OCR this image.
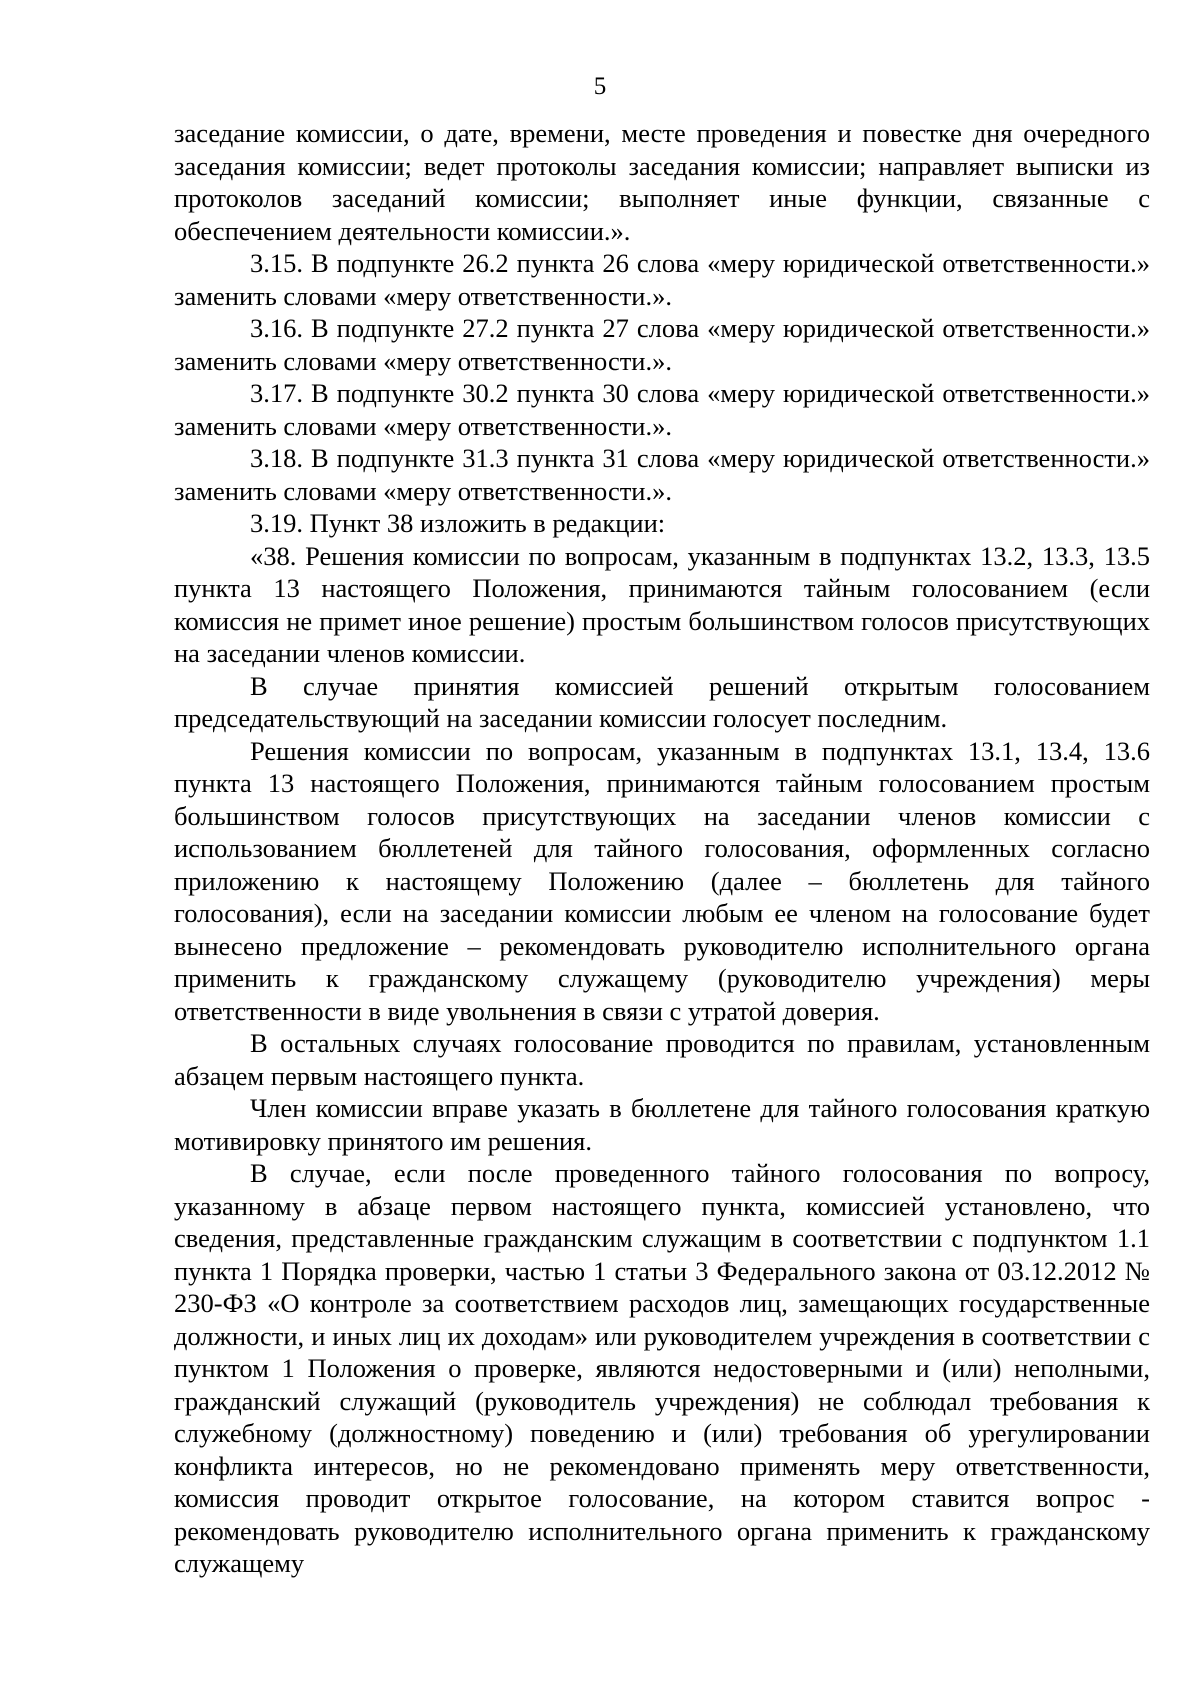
5

заседание комиссии, о дате, времени, месте проведения и повестке дня очередного заседания комиссии; ведет протоколы заседания комиссии; направляет выписки из протоколов заседаний комиссии; выполняет иные функции, связанные с обеспечением деятельности комиссии.».

3.15. В подпункте 26.2 пункта 26 слова «меру юридической ответственности.» заменить словами «меру ответственности.».

3.16. В подпункте 27.2 пункта 27 слова «меру юридической ответственности.» заменить словами «меру ответственности.».

3.17. В подпункте 30.2 пункта 30 слова «меру юридической ответственности.» заменить словами «меру ответственности.».

3.18. В подпункте 31.3 пункта 31 слова «меру юридической ответственности.» заменить словами «меру ответственности.».

3.19. Пункт 38 изложить в редакции:

«38. Решения комиссии по вопросам, указанным в подпунктах 13.2, 13.3, 13.5 пункта 13 настоящего Положения, принимаются тайным голосованием (если комиссия не примет иное решение) простым большинством голосов присутствующих на заседании членов комиссии.

В случае принятия комиссией решений открытым голосованием председательствующий на заседании комиссии голосует последним.

Решения комиссии по вопросам, указанным в подпунктах 13.1, 13.4, 13.6 пункта 13 настоящего Положения, принимаются тайным голосованием простым большинством голосов присутствующих на заседании членов комиссии с использованием бюллетеней для тайного голосования, оформленных согласно приложению к настоящему Положению (далее – бюллетень для тайного голосования), если на заседании комиссии любым ее членом на голосование будет вынесено предложение – рекомендовать руководителю исполнительного органа применить к гражданскому служащему (руководителю учреждения) меры ответственности в виде увольнения в связи с утратой доверия.

В остальных случаях голосование проводится по правилам, установленным абзацем первым настоящего пункта.

Член комиссии вправе указать в бюллетене для тайного голосования краткую мотивировку принятого им решения.

В случае, если после проведенного тайного голосования по вопросу, указанному в абзаце первом настоящего пункта, комиссией установлено, что сведения, представленные гражданским служащим в соответствии с подпунктом 1.1 пункта 1 Порядка проверки, частью 1 статьи 3 Федерального закона от 03.12.2012 № 230-ФЗ «О контроле за соответствием расходов лиц, замещающих государственные должности, и иных лиц их доходам» или руководителем учреждения в соответствии с пунктом 1 Положения о проверке, являются недостоверными и (или) неполными, гражданский служащий (руководитель учреждения) не соблюдал требования к служебному (должностному) поведению и (или) требования об урегулировании конфликта интересов, но не рекомендовано применять меру ответственности, комиссия проводит открытое голосование, на котором ставится вопрос - рекомендовать руководителю исполнительного органа применить к гражданскому служащему
